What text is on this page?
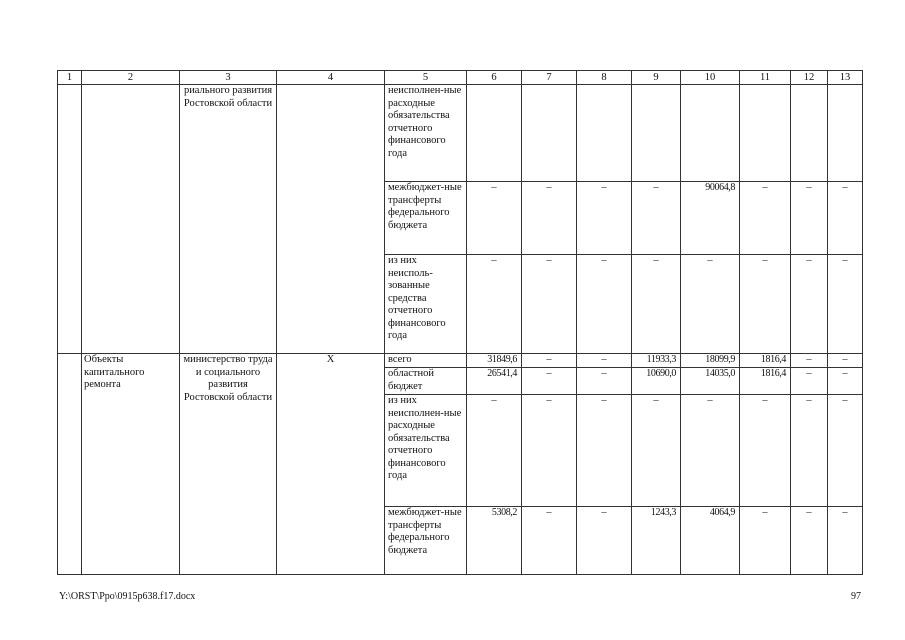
1	2	3	4	5	6	7	8	9	10	11	12	13
		риального развития Ростовской области		неисполнен-ные расходные обязательства отчетного финансового года								
				межбюджет-ные трансферты федерального бюджета	–	–	–	–	90064,8	–	–	–
				из них неисполь-зованные средства отчетного финансового года	–	–	–	–	–	–	–	–
	Объекты капитального ремонта	министерство труда и социального развития Ростовской области	Х	всего	31849,6	–	–	11933,3	18099,9	1816,4	–	–
				областной бюджет	26541,4	–	–	10690,0	14035,0	1816,4	–	–
				из них неисполнен-ные расходные обязательства отчетного финансового года	–	–	–	–	–	–	–	–
				межбюджет-ные трансферты федерального бюджета	5308,2	–	–	1243,3	4064,9	–	–	–
Y:\ORST\Ppo\0915p638.f17.docx	97
